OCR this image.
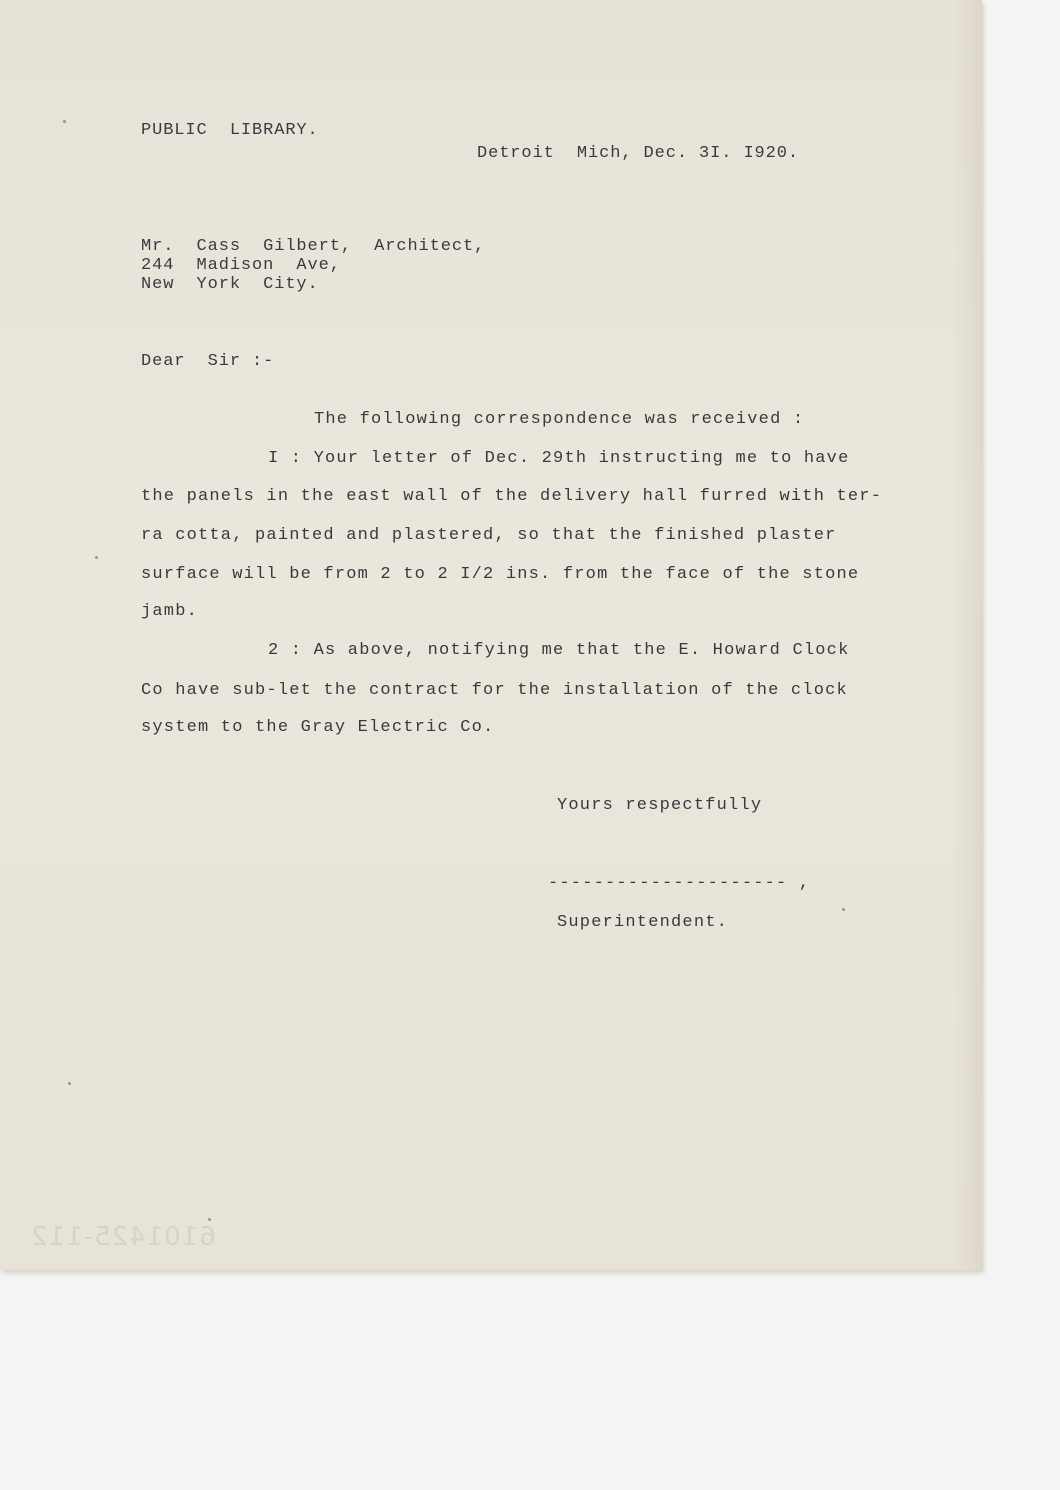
PUBLIC  LIBRARY.
Detroit  Mich, Dec. 3I. I920.
Mr.  Cass  Gilbert,  Architect,
244  Madison  Ave,
New  York  City.
Dear  Sir :-
The following correspondence was received :
I : Your letter of Dec. 29th instructing me to have
the panels in the east wall of the delivery hall furred with ter-
ra cotta, painted and plastered, so that the finished plaster
surface will be from 2 to 2 I/2 ins. from the face of the stone
jamb.
2 : As above, notifying me that the E. Howard Clock
Co have sub-let the contract for the installation of the clock
system to the Gray Electric Co.
Yours respectfully
--------------------- ,
Superintendent.
6101425-112
